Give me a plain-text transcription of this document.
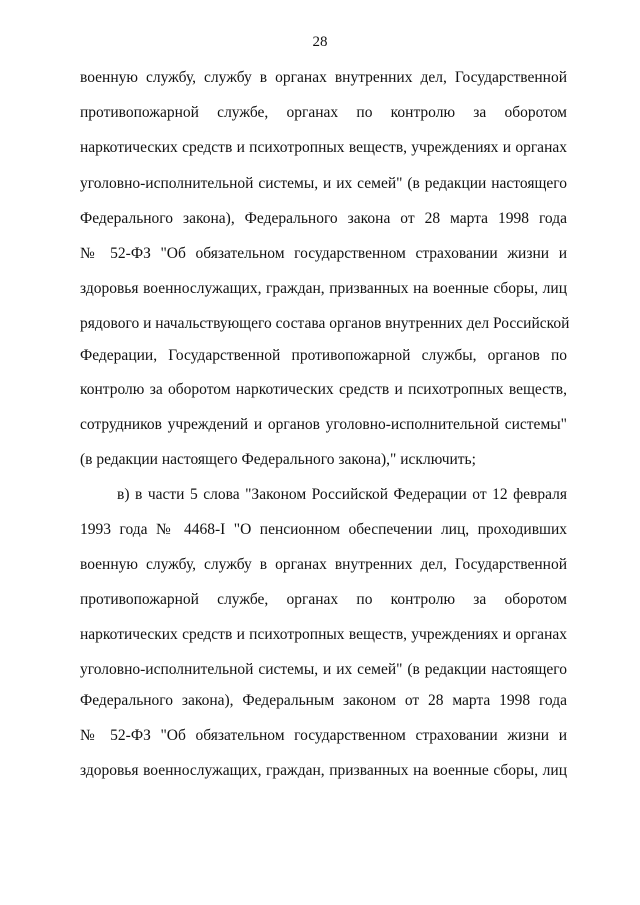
28
военную службу, службу в органах внутренних дел, Государственной
противопожарной службе, органах по контролю за оборотом
наркотических средств и психотропных веществ, учреждениях и органах
уголовно-исполнительной системы, и их семей" (в редакции настоящего
Федерального закона), Федерального закона от 28 марта 1998 года
№ 52-ФЗ "Об обязательном государственном страховании жизни и
здоровья военнослужащих, граждан, призванных на военные сборы, лиц
рядового и начальствующего состава органов внутренних дел Российской
Федерации, Государственной противопожарной службы, органов по
контролю за оборотом наркотических средств и психотропных веществ,
сотрудников учреждений и органов уголовно-исполнительной системы"
(в редакции настоящего Федерального закона)," исключить;
в) в части 5 слова "Законом Российской Федерации от 12 февраля
1993 года № 4468-I "О пенсионном обеспечении лиц, проходивших
военную службу, службу в органах внутренних дел, Государственной
противопожарной службе, органах по контролю за оборотом
наркотических средств и психотропных веществ, учреждениях и органах
уголовно-исполнительной системы, и их семей" (в редакции настоящего
Федерального закона), Федеральным законом от 28 марта 1998 года
№ 52-ФЗ "Об обязательном государственном страховании жизни и
здоровья военнослужащих, граждан, призванных на военные сборы, лиц
